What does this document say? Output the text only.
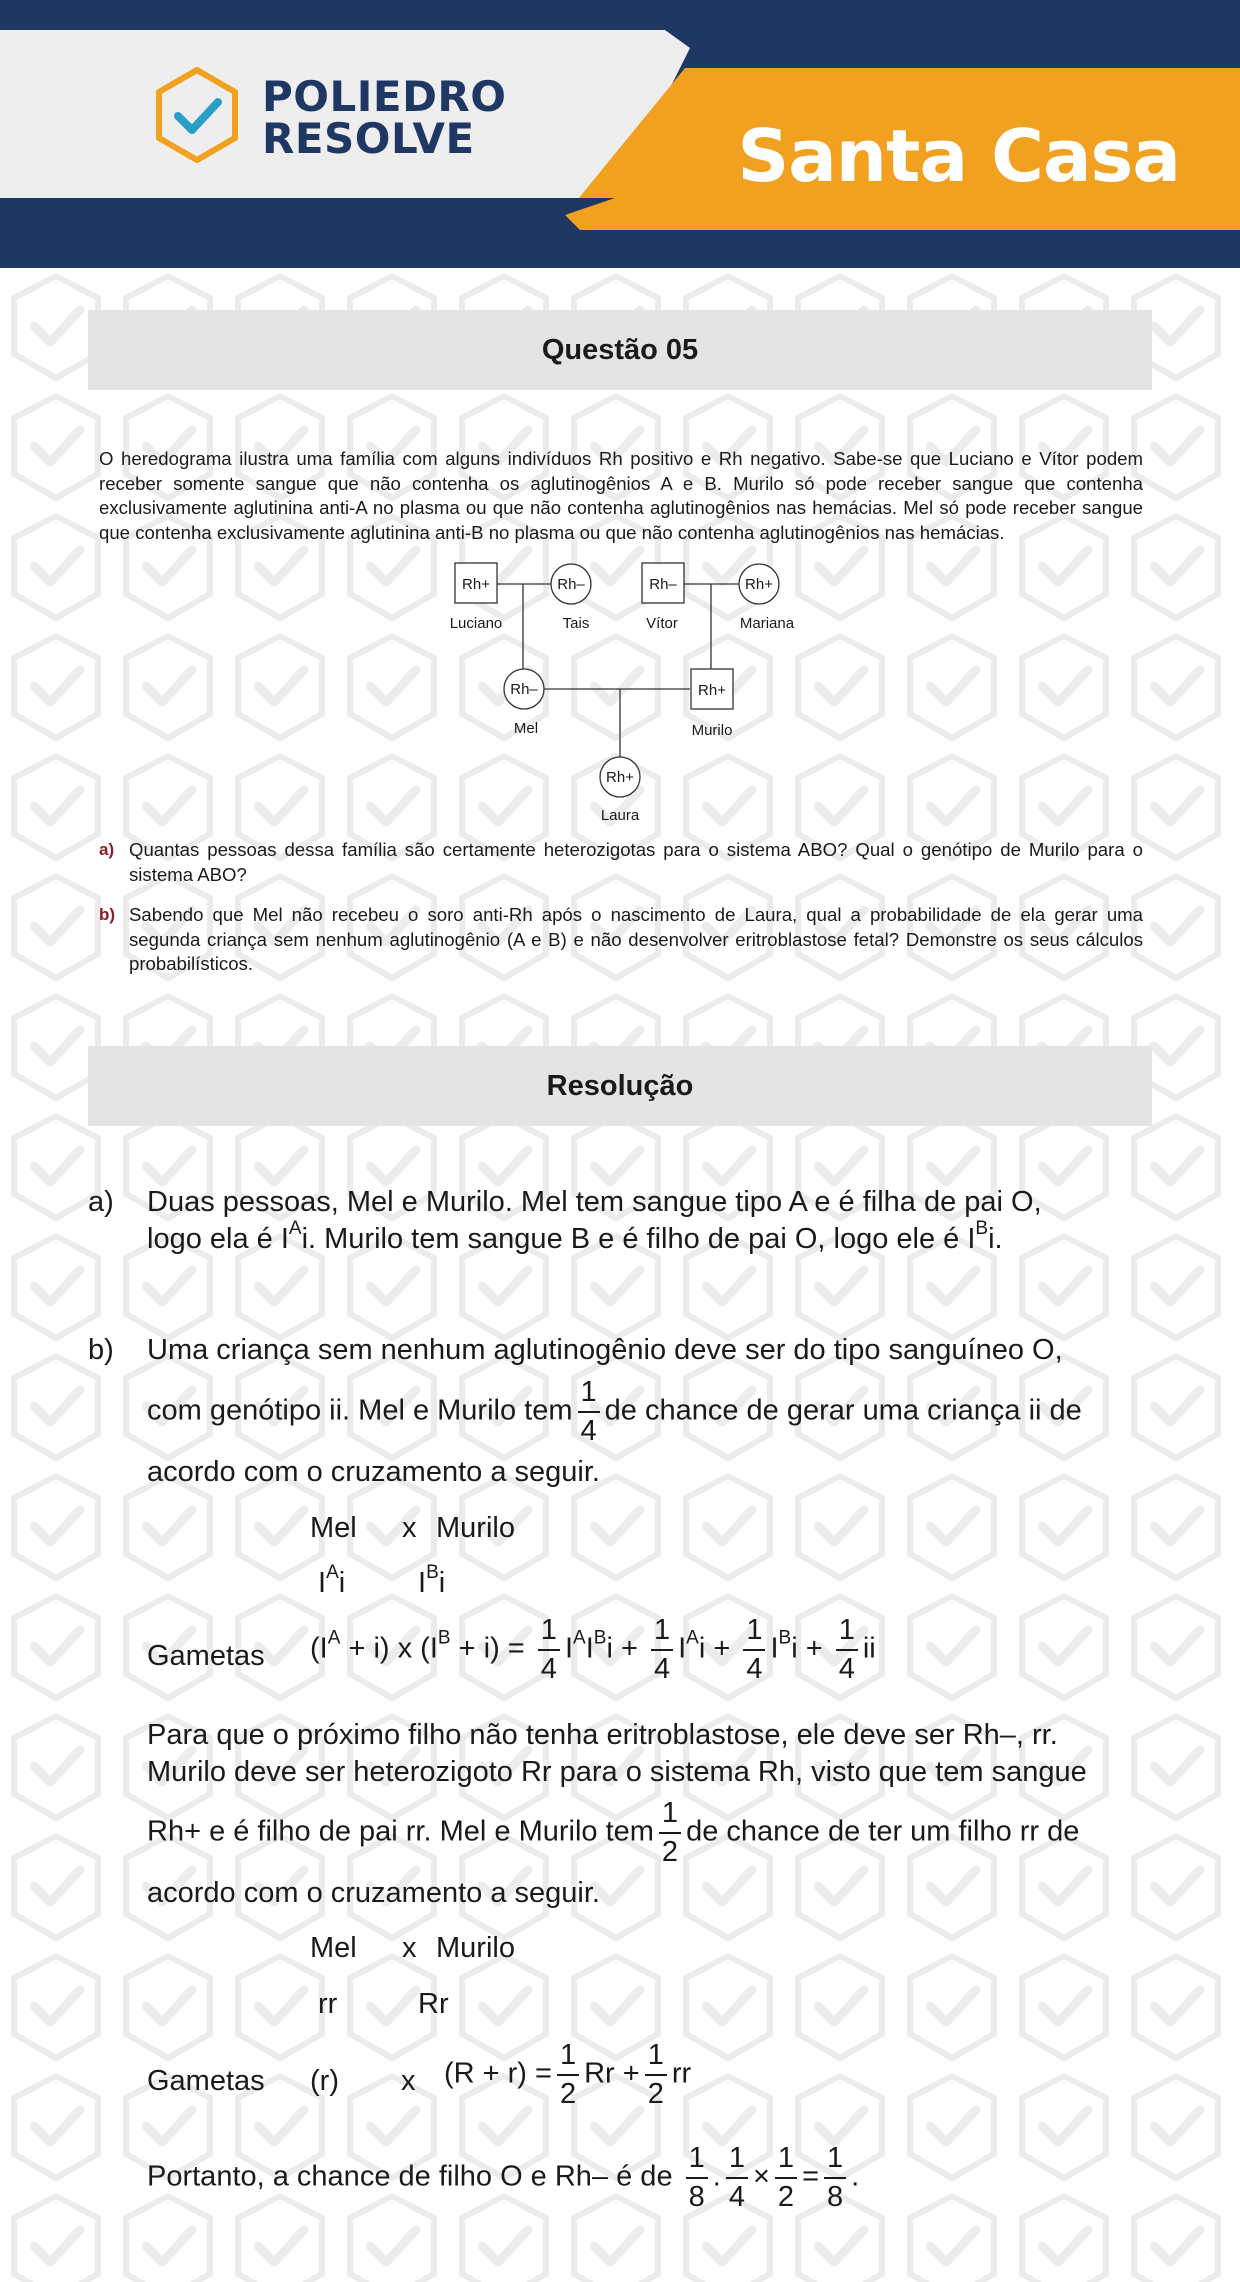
POLIEDRO
RESOLVE	Santa Casa
Questão 05
O heredograma ilustra uma família com alguns indivíduos Rh positivo e Rh negativo. Sabe-se que Luciano e Vítor podem receber somente sangue que não contenha os aglutinogênios A e B. Murilo só pode receber sangue que contenha exclusivamente aglutinina anti-A no plasma ou que não contenha aglutinogênios nas hemácias. Mel só pode receber sangue que contenha exclusivamente aglutinina anti-B no plasma ou que não contenha aglutinogênios nas hemácias.
Rh+
Luciano
Rh–
Tais
Rh–
Vítor
Rh+
Mariana
Rh–
Mel
Rh+
Murilo
Rh+
Laura
a) Quantas pessoas dessa família são certamente heterozigotas para o sistema ABO? Qual o genótipo de Murilo para o sistema ABO?
b) Sabendo que Mel não recebeu o soro anti-Rh após o nascimento de Laura, qual a probabilidade de ela gerar uma segunda criança sem nenhum aglutinogênio (A e B) e não desenvolver eritroblastose fetal? Demonstre os seus cálculos probabilísticos.
Resolução
a) Duas pessoas, Mel e Murilo. Mel tem sangue tipo A e é filha de pai O,
logo ela é $I^Ai$. Murilo tem sangue B e é filho de pai O, logo ele é $I^Bi$.
b) Uma criança sem nenhum aglutinogênio deve ser do tipo sanguíneo O,
com genótipo ii. Mel e Murilo tem $\frac{1}{4}$ de chance de gerar uma criança ii de
acordo com o cruzamento a seguir.
Mel x Murilo
$I^Ai$	$I^Bi$
Gametas $(I^A + i)$ x $(I^B + i) = \frac{1}{4} I^AI^Bi + \frac{1}{4} I^Ai + \frac{1}{4} I^Bi + \frac{1}{4}$ ii
Para que o próximo filho não tenha eritroblastose, ele deve ser Rh–, rr.
Murilo deve ser heterozigoto Rr para o sistema Rh, visto que tem sangue
Rh+ e é filho de pai rr. Mel e Murilo tem $\frac{1}{2}$ de chance de ter um filho rr de
acordo com o cruzamento a seguir.
Mel x Murilo
rr	Rr
Gametas (r) x $(R + r) = \frac{1}{2}$ $Rr + \frac{1}{2}$ rr
Portanto, a chance de filho O e Rh– é de $\frac{1}{8}$ . $\frac{1}{4} \times \frac{1}{2} = \frac{1}{8}$ .
